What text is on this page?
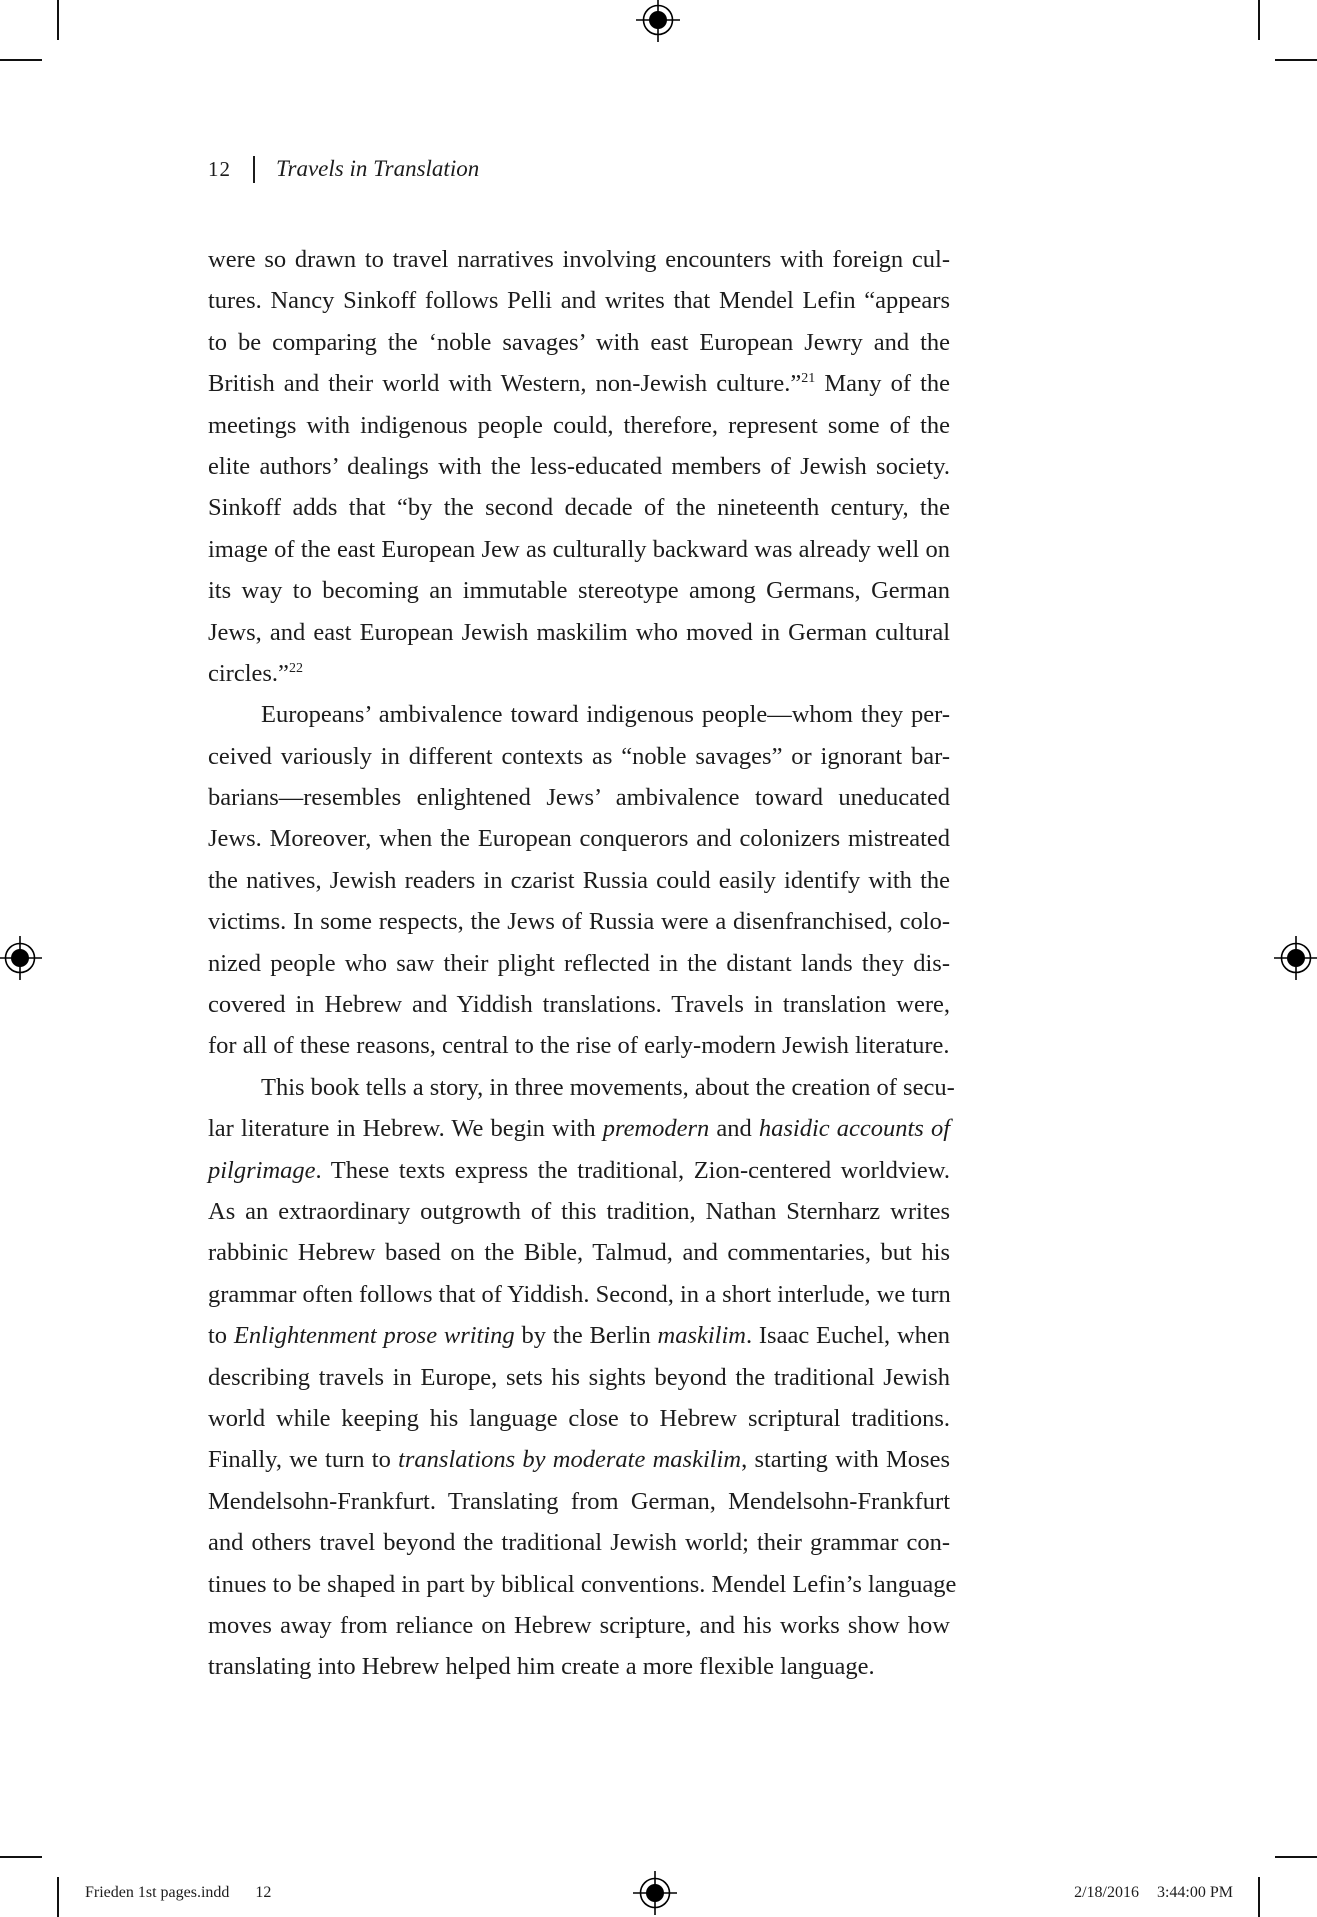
12 Travels in Translation
were so drawn to travel narratives involving encounters with foreign cul-
tures. Nancy Sinkoff follows Pelli and writes that Mendel Lefin “appears
to be comparing the ‘noble savages’ with east European Jewry and the
British and their world with Western, non-Jewish culture.”$^{21}$ Many of the
meetings with indigenous people could, therefore, represent some of the
elite authors’ dealings with the less-educated members of Jewish society.
Sinkoff adds that “by the second decade of the nineteenth century, the
image of the east European Jew as culturally backward was already well on
its way to becoming an immutable stereotype among Germans, German
Jews, and east European Jewish maskilim who moved in German cultural
circles.”$^{22}$
Europeans’ ambivalence toward indigenous people—whom they per-
ceived variously in different contexts as “noble savages” or ignorant bar-
barians—resembles enlightened Jews’ ambivalence toward uneducated
Jews. Moreover, when the European conquerors and colonizers mistreated
the natives, Jewish readers in czarist Russia could easily identify with the
victims. In some respects, the Jews of Russia were a disenfranchised, colo-
nized people who saw their plight reflected in the distant lands they dis-
covered in Hebrew and Yiddish translations. Travels in translation were,
for all of these reasons, central to the rise of early-modern Jewish literature.
This book tells a story, in three movements, about the creation of secu-
lar literature in Hebrew. We begin with premodern and hasidic accounts of
pilgrimage. These texts express the traditional, Zion-centered worldview.
As an extraordinary outgrowth of this tradition, Nathan Sternharz writes
rabbinic Hebrew based on the Bible, Talmud, and commentaries, but his
grammar often follows that of Yiddish. Second, in a short interlude, we turn
to Enlightenment prose writing by the Berlin maskilim. Isaac Euchel, when
describing travels in Europe, sets his sights beyond the traditional Jewish
world while keeping his language close to Hebrew scriptural traditions.
Finally, we turn to translations by moderate maskilim, starting with Moses
Mendelsohn-Frankfurt. Translating from German, Mendelsohn-Frankfurt
and others travel beyond the traditional Jewish world; their grammar con-
tinues to be shaped in part by biblical conventions. Mendel Lefin’s language
moves away from reliance on Hebrew scripture, and his works show how
translating into Hebrew helped him create a more flexible language.
Frieden 1st pages.indd 12	2/18/2016 3:44:00 PM
